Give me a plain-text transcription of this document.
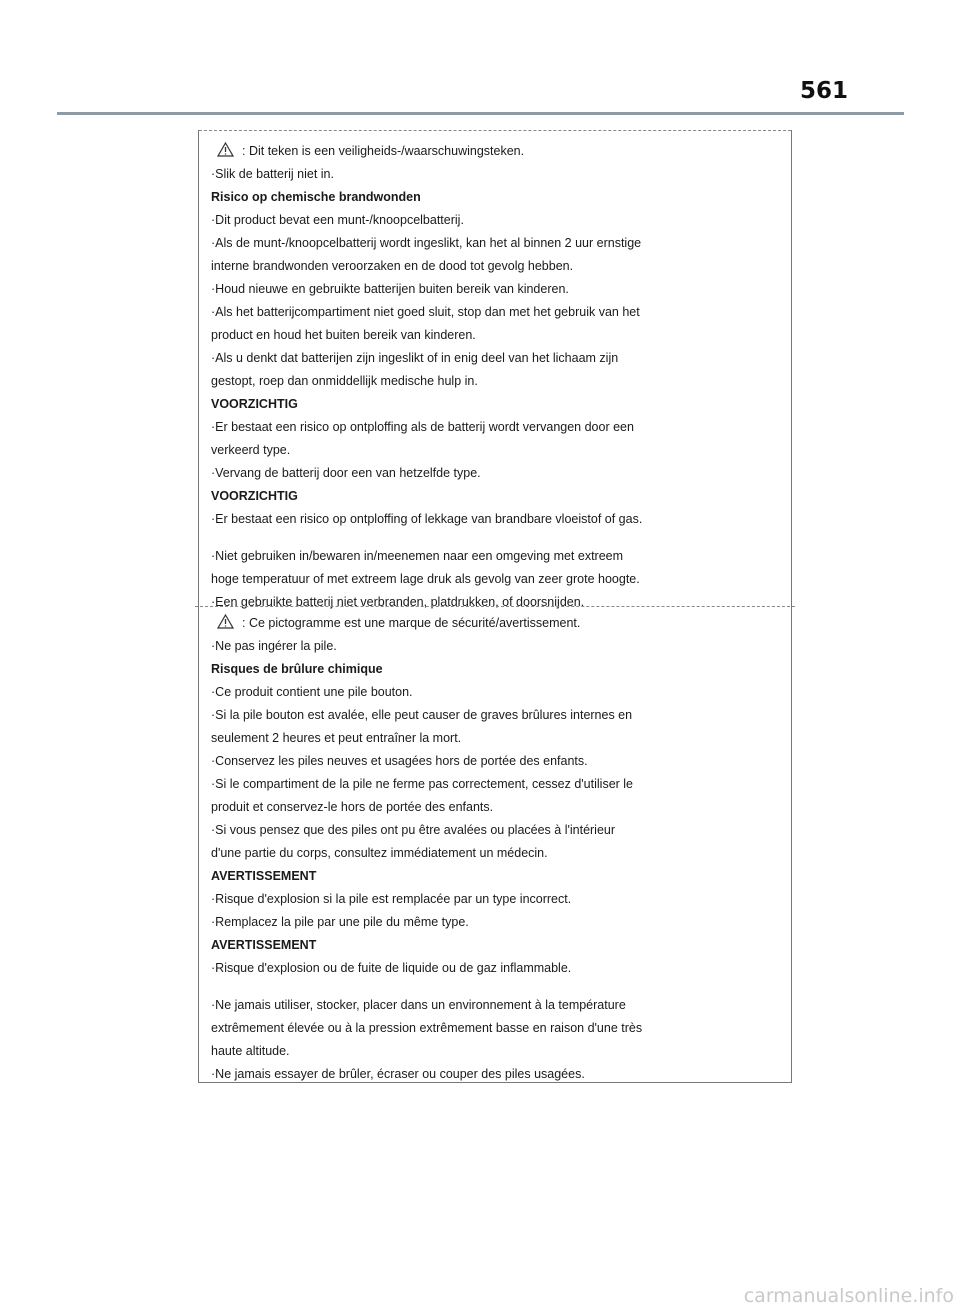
561
: Dit teken is een veiligheids-/waarschuwingsteken.
·Slik de batterij niet in.
Risico op chemische brandwonden
·Dit product bevat een munt-/knoopcelbatterij.
·Als de munt-/knoopcelbatterij wordt ingeslikt, kan het al binnen 2 uur ernstige
interne brandwonden veroorzaken en de dood tot gevolg hebben.
·Houd nieuwe en gebruikte batterijen buiten bereik van kinderen.
·Als het batterijcompartiment niet goed sluit, stop dan met het gebruik van het
product en houd het buiten bereik van kinderen.
·Als u denkt dat batterijen zijn ingeslikt of in enig deel van het lichaam zijn
gestopt, roep dan onmiddellijk medische hulp in.
VOORZICHTIG
·Er bestaat een risico op ontploffing als de batterij wordt vervangen door een
verkeerd type.
·Vervang de batterij door een van hetzelfde type.
VOORZICHTIG
·Er bestaat een risico op ontploffing of lekkage van brandbare vloeistof of gas.
·Niet gebruiken in/bewaren in/meenemen naar een omgeving met extreem
hoge temperatuur of met extreem lage druk als gevolg van zeer grote hoogte.
·Een gebruikte batterij niet verbranden, platdrukken, of doorsnijden.
: Ce pictogramme est une marque de sécurité/avertissement.
·Ne pas ingérer la pile.
Risques de brûlure chimique
·Ce produit contient une pile bouton.
·Si la pile bouton est avalée, elle peut causer de graves brûlures internes en
seulement 2 heures et peut entraîner la mort.
·Conservez les piles neuves et usagées hors de portée des enfants.
·Si le compartiment de la pile ne ferme pas correctement, cessez d'utiliser le
produit et conservez-le hors de portée des enfants.
·Si vous pensez que des piles ont pu être avalées ou placées à l'intérieur
d'une partie du corps, consultez immédiatement un médecin.
AVERTISSEMENT
·Risque d'explosion si la pile est remplacée par un type incorrect.
·Remplacez la pile par une pile du même type.
AVERTISSEMENT
·Risque d'explosion ou de fuite de liquide ou de gaz inflammable.
·Ne jamais utiliser, stocker, placer dans un environnement à la température
extrêmement élevée ou à la pression extrêmement basse en raison d'une très
haute altitude.
·Ne jamais essayer de brûler, écraser ou couper des piles usagées.
carmanualsonline.info
